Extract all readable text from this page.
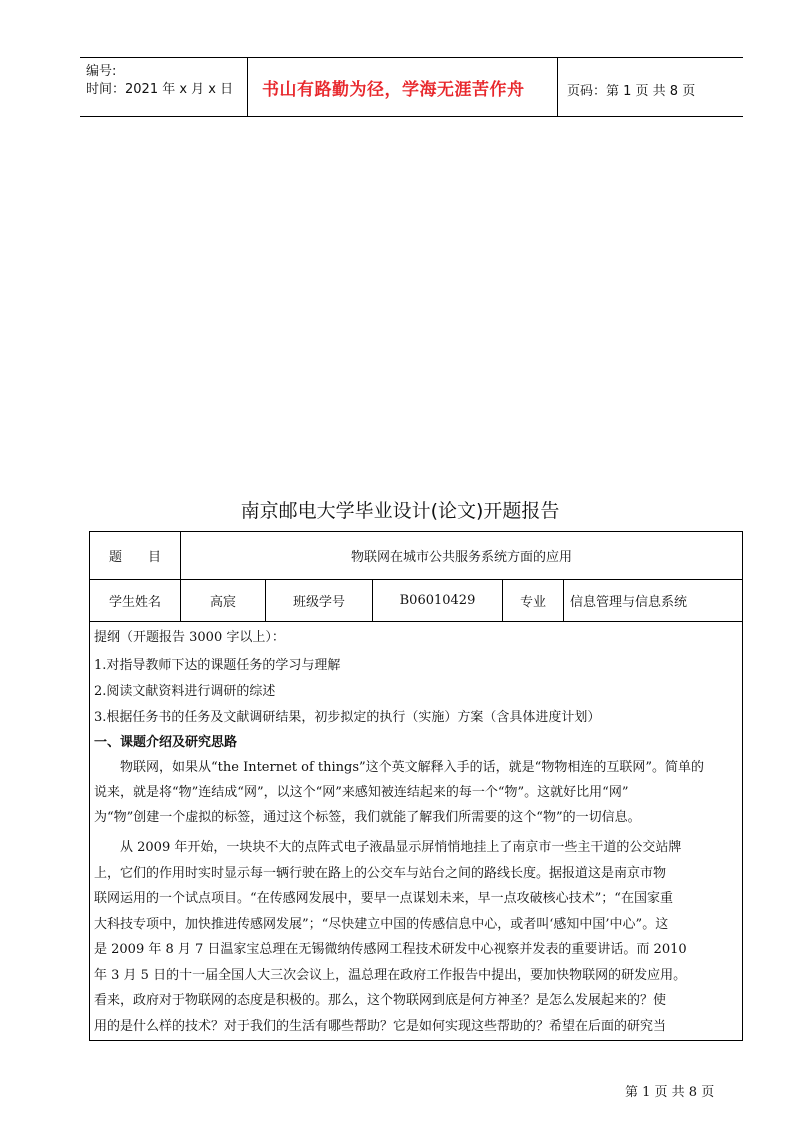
编号:
时间：2021 年 x 月 x 日 书山有路勤为径，学海无涯苦作舟	页码：第 1 页 共 8 页
南京邮电大学毕业设计(论文)开题报告
题　　目	物联网在城市公共服务系统方面的应用
学生姓名	高宸	班级学号	B06010429	专业	信息管理与信息系统
提纲（开题报告 3000 字以上）：
1.对指导教师下达的课题任务的学习与理解
2.阅读文献资料进行调研的综述
3.根据任务书的任务及文献调研结果，初步拟定的执行（实施）方案（含具体进度计划）
一、课题介绍及研究思路
　　物联网，如果从“the Internet of things”这个英文解释入手的话，就是“物物相连的互联网”。简单的
说来，就是将“物”连结成“网”，以这个“网”来感知被连结起来的每一个“物”。这就好比用“网”
为“物”创建一个虚拟的标签，通过这个标签，我们就能了解我们所需要的这个“物”的一切信息。
　　从 2009 年开始，一块块不大的点阵式电子液晶显示屏悄悄地挂上了南京市一些主干道的公交站牌
上，它们的作用时实时显示每一辆行驶在路上的公交车与站台之间的路线长度。据报道这是南京市物
联网运用的一个试点项目。“在传感网发展中，要早一点谋划未来，早一点攻破核心技术”；“在国家重
大科技专项中，加快推进传感网发展”；“尽快建立中国的传感信息中心，或者叫‘感知中国’中心”。这
是 2009 年 8 月 7 日温家宝总理在无锡微纳传感网工程技术研发中心视察并发表的重要讲话。而 2010
年 3 月 5 日的十一届全国人大三次会议上，温总理在政府工作报告中提出，要加快物联网的研发应用。
看来，政府对于物联网的态度是积极的。那么，这个物联网到底是何方神圣？是怎么发展起来的？使
用的是什么样的技术？对于我们的生活有哪些帮助？它是如何实现这些帮助的？希望在后面的研究当
第 1 页 共 8 页
